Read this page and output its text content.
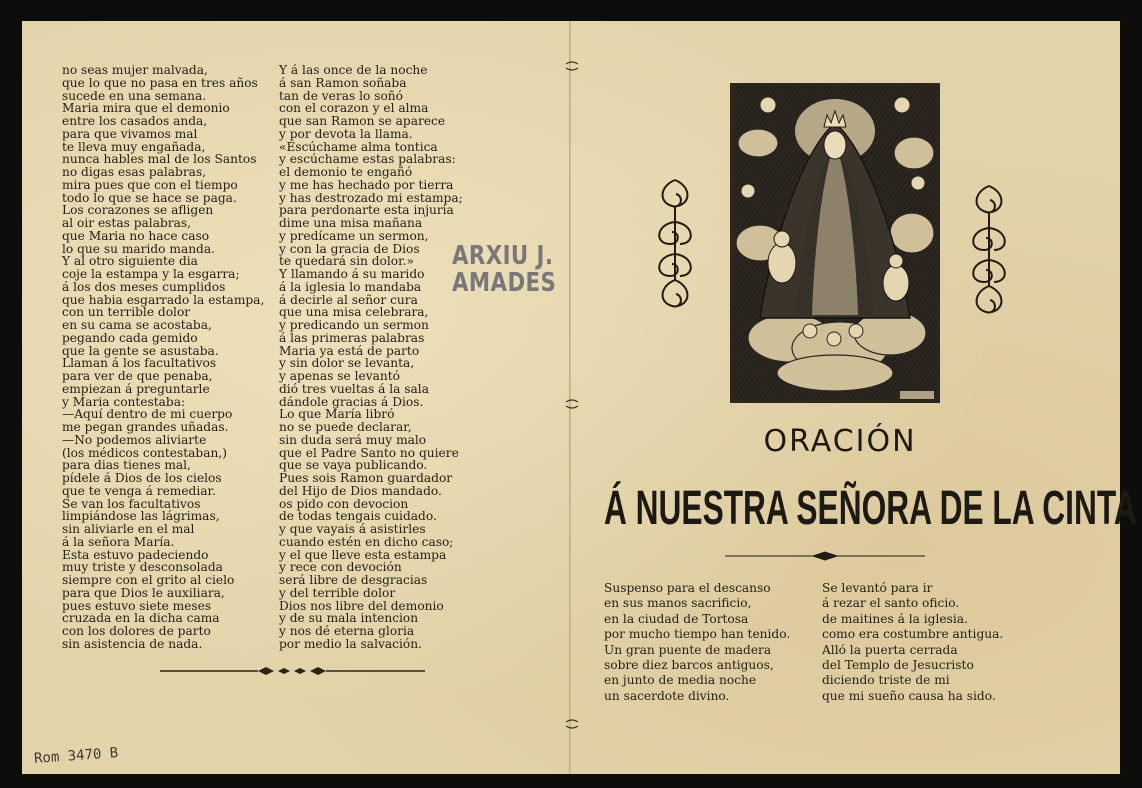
no seas mujer malvada,
que lo que no pasa en tres años
sucede en una semana.
Maria mira que el demonio
entre los casados anda,
para que vivamos mal
te lleva muy engañada,
nunca hables mal de los Santos
no digas esas palabras,
mira pues que con el tiempo
todo lo que se hace se paga.
Los corazones se afligen
al oir estas palabras,
que Maria no hace caso
lo que su marido manda.
Y al otro siguiente dia
coje la estampa y la esgarra;
á los dos meses cumplidos
que habia esgarrado la estampa,
con un terrible dolor
en su cama se acostaba,
pegando cada gemido
que la gente se asustaba.
Llaman á los facultativos
para ver de que penaba,
empiezan á preguntarle
y Maria contestaba:
—Aquí dentro de mi cuerpo
me pegan grandes uñadas.
—No podemos aliviarte
(los médicos contestaban,)
para dias tienes mal,
pídele á Dios de los cielos
que te venga á remediar.
Se van los facultativos
limpiándose las lágrimas,
sin aliviarle en el mal
á la señora María.
Esta estuvo padeciendo
muy triste y desconsolada
siempre con el grito al cielo
para que Dios le auxiliara,
pues estuvo siete meses
cruzada en la dicha cama
con los dolores de parto
sin asistencia de nada.
Y á las once de la noche
á san Ramon soñaba
tan de veras lo soñó
con el corazon y el alma
que san Ramon se aparece
y por devota la llama.
«Escúchame alma tontica
y escúchame estas palabras:
el demonio te engañó
y me has hechado por tierra
y has destrozado mi estampa;
para perdonarte esta injuria
dime una misa mañana
y predícame un sermon,
y con la gracia de Dios
te quedará sin dolor.»
Y llamando á su marido
á la iglesia lo mandaba
á decirle al señor cura
que una misa celebrara,
y predicando un sermon
á las primeras palabras
Maria ya está de parto
y sin dolor se levanta,
y apenas se levantó
dió tres vueltas á la sala
dándole gracias á Dios.
Lo que María libró
no se puede declarar,
sin duda será muy malo
que el Padre Santo no quiere
que se vaya publicando.
Pues sois Ramon guardador
del Hijo de Dios mandado.
os pido con devocion
de todas tengais cuidado.
y que vayais á asistirles
cuando estén en dicho caso;
y el que lleve esta estampa
y rece con devoción
será libre de desgracias
y del terrible dolor
Dios nos libre del demonio
y de su mala intencion
y nos dé eterna gloria
por medio la salvación.
ARXIU J.
AMADES
Rom 3470 B
ORACIÓN
Á NUESTRA SEÑORA DE LA CINTA
Suspenso para el descanso
en sus manos sacrificio,
en la ciudad de Tortosa
por mucho tiempo han tenido.
Un gran puente de madera
sobre diez barcos antiguos,
en junto de media noche
un sacerdote divino.
Se levantó para ir
á rezar el santo oficio.
de maitines á la iglesia.
como era costumbre antigua.
Alló la puerta cerrada
del Templo de Jesucristo
diciendo triste de mi
que mi sueño causa ha sido.
